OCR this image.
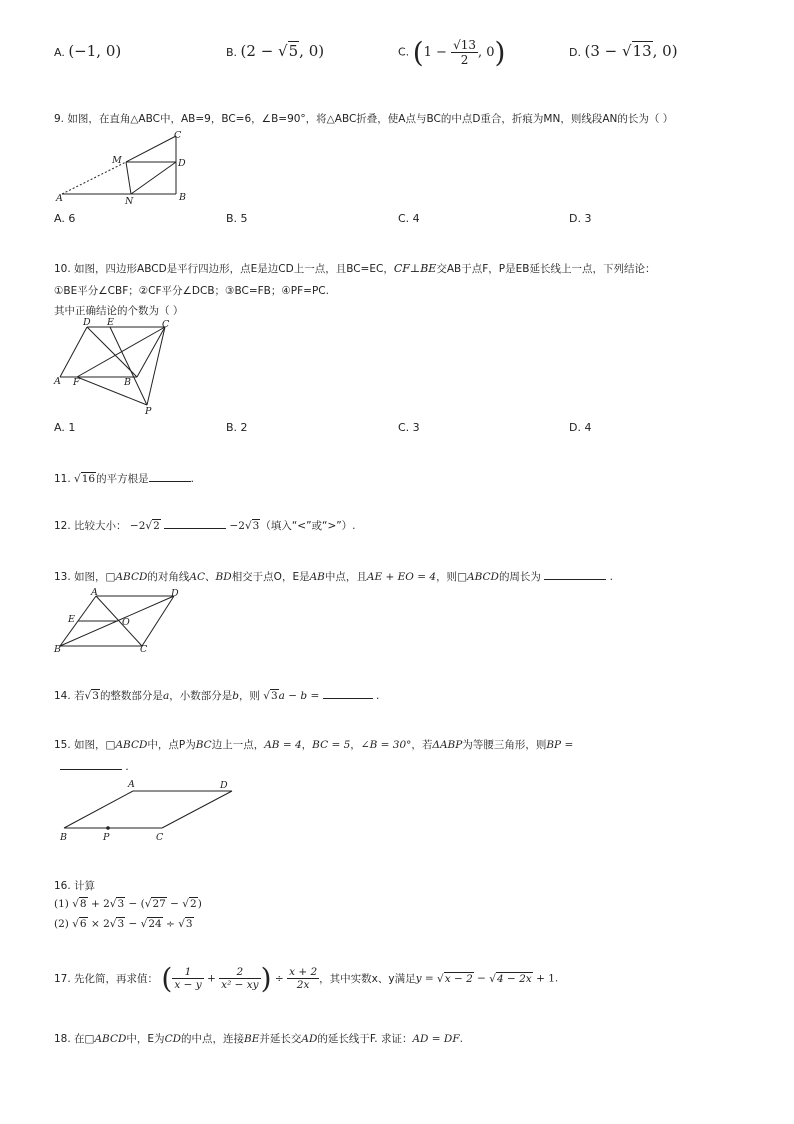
A. (−1, 0)	B. (2 − √5, 0)	C. ($1 - \frac{√13}{2}$ , 0)	D. (3 − √13, 0)
9. 如图，在直角△ABC中，AB=9，BC=6，∠B=90°，将△ABC折叠，使A点与BC的中点D重合，折痕为MN，则线段AN的长为（ ）
A	B
C
D
M
N
A. 6	B. 5	C. 4	D. 3
10. 如图，四边形ABCD是平行四边形，点E是边CD上一点，且BC=EC，CF⊥BE交AB于点F，P是EB延长线上一点，下列结论：
①BE平分∠CBF；②CF平分∠DCB；③BC=FB；④PF=PC.
其中正确结论的个数为（ ）
D E	C
A F	B
P
A. 1	B. 2	C. 3	D. 4
11. √16的平方根是	.
12. 比较大小： −2√2	−2√3（填入“<”或“>”）.
13. 如图，□ABCD的对角线AC、BD相交于点O，E是AB中点，且AE + EO = 4，则□ABCD的周长为	.
A	D
E	O
B	C
14. 若√3的整数部分是a，小数部分是b，则 √3a − b =	.
15. 如图，□ABCD中，点P为BC边上一点，AB = 4，BC = 5，∠B = 30°，若ΔABP为等腰三角形，则BP =
.
A	D
B	P	C
16. 计算
(1) √8 + 2√3 − (√27 − √2)
(2) √6 × 2√3 − √24 ÷ √3
17. 先化简，再求值： ( $\frac{1}{x - y} + \frac{2}{\text{x² − xy}}$ ) ÷ $\frac{x + 2}{2x}$ ，其中实数x、y满足y = √x − 2 − √4 − 2x + 1.
18. 在□ABCD中，E为CD的中点，连接BE并延长交AD的延长线于F. 求证：AD = DF.
